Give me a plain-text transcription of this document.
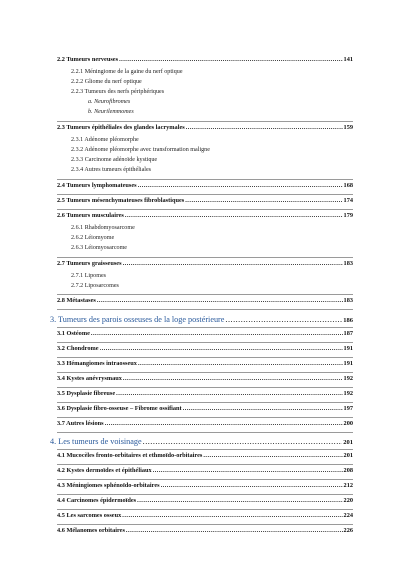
2.2 Tumeurs nerveuses .....	141
2.2.1 Méningiome de la gaine du nerf optique
2.2.2 Gliome du nerf optique
2.2.3 Tumeurs des nerfs périphériques
a. Neurofibromes
b. Neurilemmomes
2.3 Tumeurs épithéliales des glandes lacrymales .....	159
2.3.1 Adénome pléomorphe
2.3.2 Adénome pléomorphe avec transformation maligne
2.3.3 Carcinome adénoïde kystique
2.3.4 Autres tumeurs épithéliales
2.4 Tumeurs lymphomateuses .....	168
2.5 Tumeurs mésenchymateuses fibroblastiques .....	174
2.6 Tumeurs musculaires .....	179
2.6.1 Rhabdomyosarcome
2.6.2 Léiomyome
2.6.3 Léiomyosarcome
2.7 Tumeurs graisseuses .....	183
2.7.1 Lipomes
2.7.2 Liposarcomes
2.8 Métastases .....	183
3. Tumeurs des parois osseuses de la loge postérieure .....	186
3.1 Ostéome .....	187
3.2 Chondrome .....	191
3.3 Hémangiomes intraosseux .....	191
3.4 Kystes anévrysmaux .....	192
3.5 Dysplasie fibreuse .....	192
3.6 Dysplasie fibro-osseuse – Fibrome ossifiant .....	197
3.7 Autres lésions .....	200
4. Les tumeurs de voisinage .....	201
4.1 Mucocèles fronto-orbitaires et ethmoïdo-orbitaires .....	201
4.2 Kystes dermoïdes et épithéliaux .....	208
4.3 Méningiomes sphénoïdo-orbitaires .....	212
4.4 Carcinomes épidermoïdes .....	220
4.5 Les sarcomes osseux .....	224
4.6 Mélanomes orbitaires .....	226
